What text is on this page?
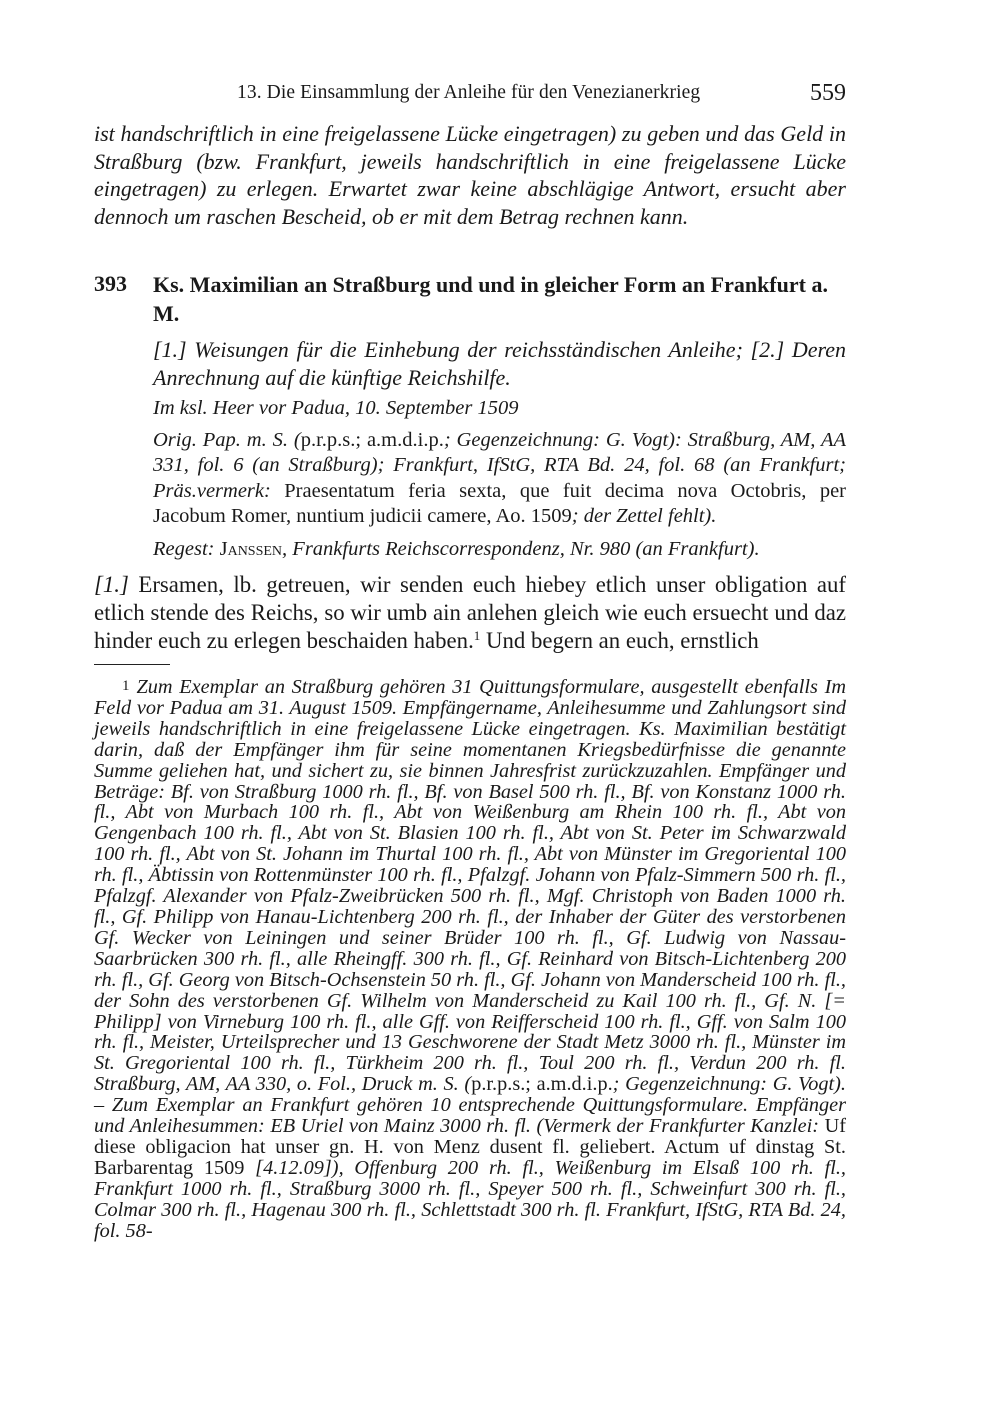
13. Die Einsammlung der Anleihe für den Venezianerkrieg	559

ist handschriftlich in eine freigelassene Lücke eingetragen) zu geben und das Geld in Straßburg (bzw. Frankfurt, jeweils handschriftlich in eine freigelassene Lücke eingetragen) zu erlegen. Erwartet zwar keine abschlägige Antwort, ersucht aber dennoch um raschen Bescheid, ob er mit dem Betrag rechnen kann.

393 Ks. Maximilian an Straßburg und und in gleicher Form an Frankfurt a. M.

[1.] Weisungen für die Einhebung der reichsständischen Anleihe; [2.] Deren Anrechnung auf die künftige Reichshilfe.

Im ksl. Heer vor Padua, 10. September 1509

Orig. Pap. m. S. (p.r.p.s.; a.m.d.i.p.; Gegenzeichnung: G. Vogt): Straßburg, AM, AA 331, fol. 6 (an Straßburg); Frankfurt, IfStG, RTA Bd. 24, fol. 68 (an Frankfurt; Präs.vermerk: Praesentatum feria sexta, que fuit decima nova Octobris, per Jacobum Romer, nuntium judicii camere, Ao. 1509; der Zettel fehlt).

Regest: Janssen, Frankfurts Reichscorrespondenz, Nr. 980 (an Frankfurt).

[1.] Ersamen, lb. getreuen, wir senden euch hiebey etlich unser obligation auf etlich stende des Reichs, so wir umb ain anlehen gleich wie euch ersuecht und daz hinder euch zu erlegen beschaiden haben.$^1$ Und begern an euch, ernstlich

1 Zum Exemplar an Straßburg gehören 31 Quittungsformulare, ausgestellt ebenfalls Im Feld vor Padua am 31. August 1509. Empfängername, Anleihesumme und Zahlungsort sind jeweils handschriftlich in eine freigelassene Lücke eingetragen. Ks. Maximilian bestätigt darin, daß der Empfänger ihm für seine momentanen Kriegsbedürfnisse die genannte Summe geliehen hat, und sichert zu, sie binnen Jahresfrist zurückzuzahlen. Empfänger und Beträge: Bf. von Straßburg 1000 rh. fl., Bf. von Basel 500 rh. fl., Bf. von Konstanz 1000 rh. fl., Abt von Murbach 100 rh. fl., Abt von Weißenburg am Rhein 100 rh. fl., Abt von Gengenbach 100 rh. fl., Abt von St. Blasien 100 rh. fl., Abt von St. Peter im Schwarzwald 100 rh. fl., Abt von St. Johann im Thurtal 100 rh. fl., Abt von Münster im Gregoriental 100 rh. fl., Äbtissin von Rottenmünster 100 rh. fl., Pfalzgf. Johann von Pfalz-Simmern 500 rh. fl., Pfalzgf. Alexander von Pfalz-Zweibrücken 500 rh. fl., Mgf. Christoph von Baden 1000 rh. fl., Gf. Philipp von Hanau-Lichtenberg 200 rh. fl., der Inhaber der Güter des verstorbenen Gf. Wecker von Leiningen und seiner Brüder 100 rh. fl., Gf. Ludwig von Nassau-Saarbrücken 300 rh. fl., alle Rheingff. 300 rh. fl., Gf. Reinhard von Bitsch-Lichtenberg 200 rh. fl., Gf. Georg von Bitsch-Ochsenstein 50 rh. fl., Gf. Johann von Manderscheid 100 rh. fl., der Sohn des verstorbenen Gf. Wilhelm von Manderscheid zu Kail 100 rh. fl., Gf. N. [= Philipp] von Virneburg 100 rh. fl., alle Gff. von Reifferscheid 100 rh. fl., Gff. von Salm 100 rh. fl., Meister, Urteilsprecher und 13 Geschworene der Stadt Metz 3000 rh. fl., Münster im St. Gregoriental 100 rh. fl., Türkheim 200 rh. fl., Toul 200 rh. fl., Verdun 200 rh. fl. Straßburg, AM, AA 330, o. Fol., Druck m. S. (p.r.p.s.; a.m.d.i.p.; Gegenzeichnung: G. Vogt). – Zum Exemplar an Frankfurt gehören 10 entsprechende Quittungsformulare. Empfänger und Anleihesummen: EB Uriel von Mainz 3000 rh. fl. (Vermerk der Frankfurter Kanzlei: Uf diese obligacion hat unser gn. H. von Menz dusent fl. geliebert. Actum uf dinstag St. Barbarentag 1509 [4.12.09]), Offenburg 200 rh. fl., Weißenburg im Elsaß 100 rh. fl., Frankfurt 1000 rh. fl., Straßburg 3000 rh. fl., Speyer 500 rh. fl., Schweinfurt 300 rh. fl., Colmar 300 rh. fl., Hagenau 300 rh. fl., Schlettstadt 300 rh. fl. Frankfurt, IfStG, RTA Bd. 24, fol. 58-
